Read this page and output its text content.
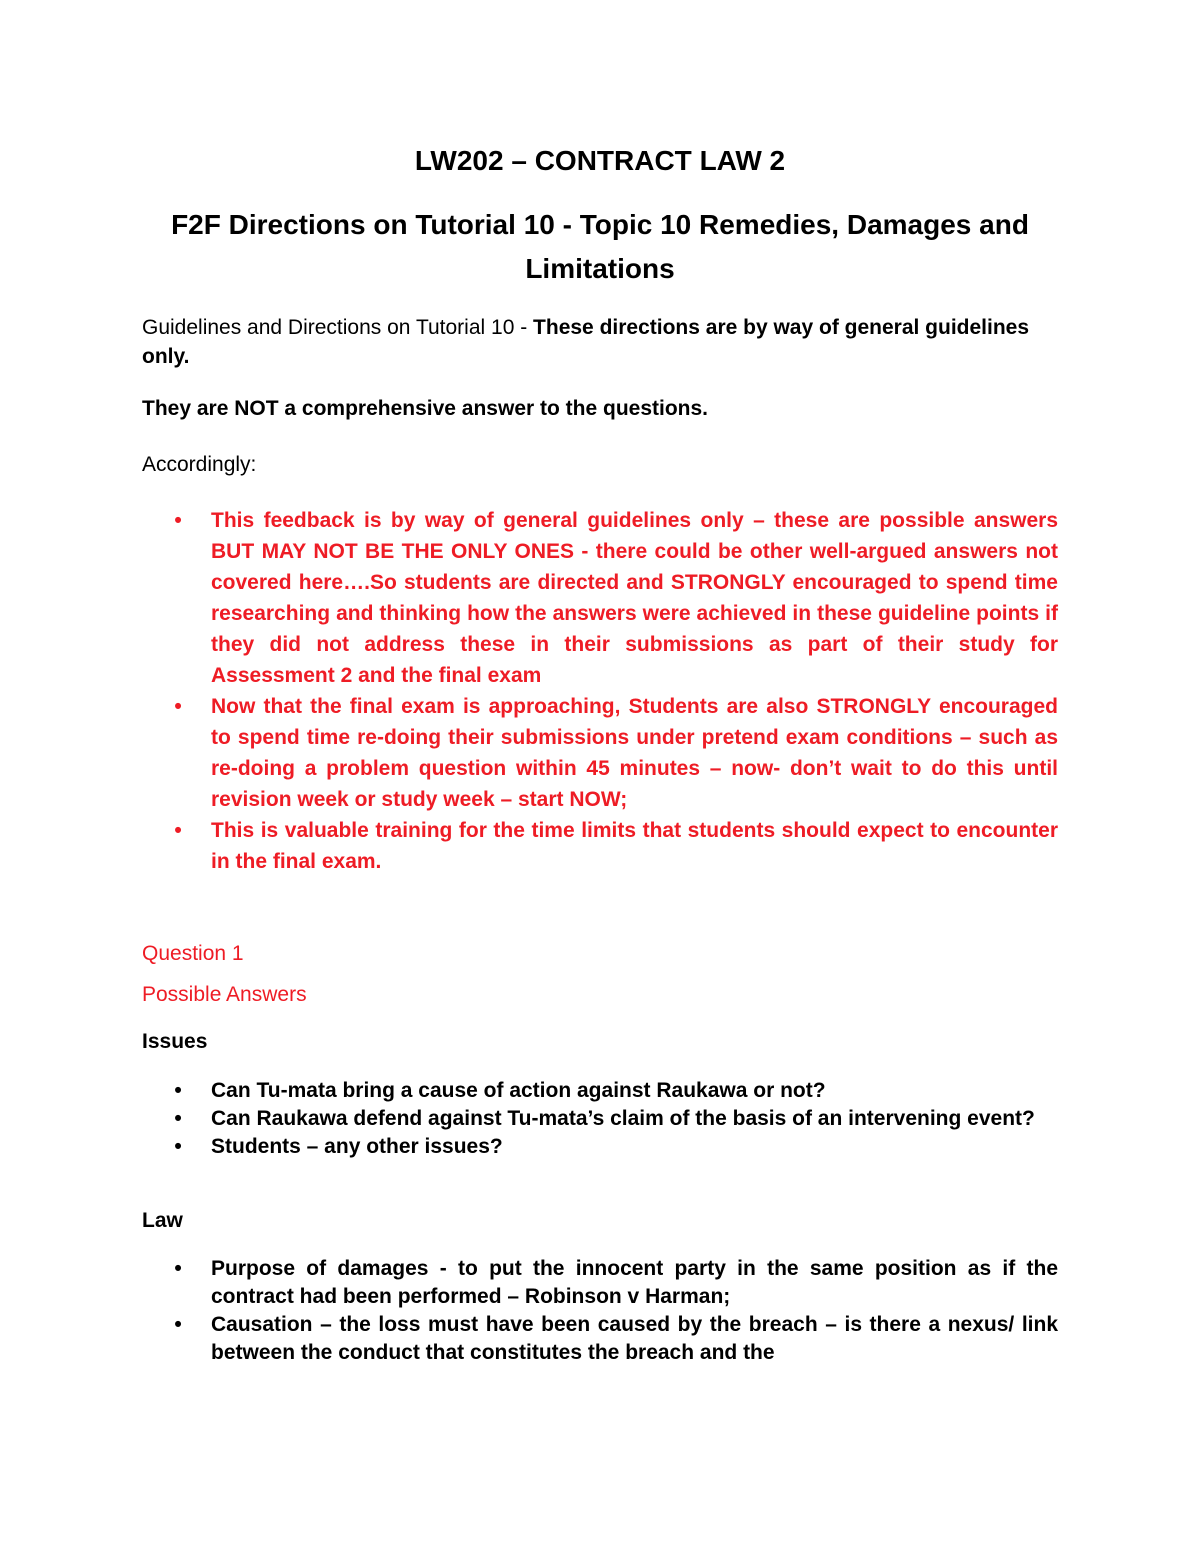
LW202 – CONTRACT LAW 2
F2F Directions on Tutorial 10 - Topic 10 Remedies, Damages and Limitations

Guidelines and Directions on Tutorial 10 - These directions are by way of general guidelines only.

They are NOT a comprehensive answer to the questions.

Accordingly:

• This feedback is by way of general guidelines only – these are possible answers BUT MAY NOT BE THE ONLY ONES - there could be other well-argued answers not covered here….So students are directed and STRONGLY encouraged to spend time researching and thinking how the answers were achieved in these guideline points if they did not address these in their submissions as part of their study for Assessment 2 and the final exam
• Now that the final exam is approaching, Students are also STRONGLY encouraged to spend time re-doing their submissions under pretend exam conditions – such as re-doing a problem question within 45 minutes – now- don’t wait to do this until revision week or study week – start NOW;
• This is valuable training for the time limits that students should expect to encounter in the final exam.

Question 1

Possible Answers

Issues

• Can Tu-mata bring a cause of action against Raukawa or not?
• Can Raukawa defend against Tu-mata’s claim of the basis of an intervening event?
• Students – any other issues?

Law

• Purpose of damages - to put the innocent party in the same position as if the contract had been performed – Robinson v Harman;
• Causation – the loss must have been caused by the breach – is there a nexus/ link between the conduct that constitutes the breach and the
